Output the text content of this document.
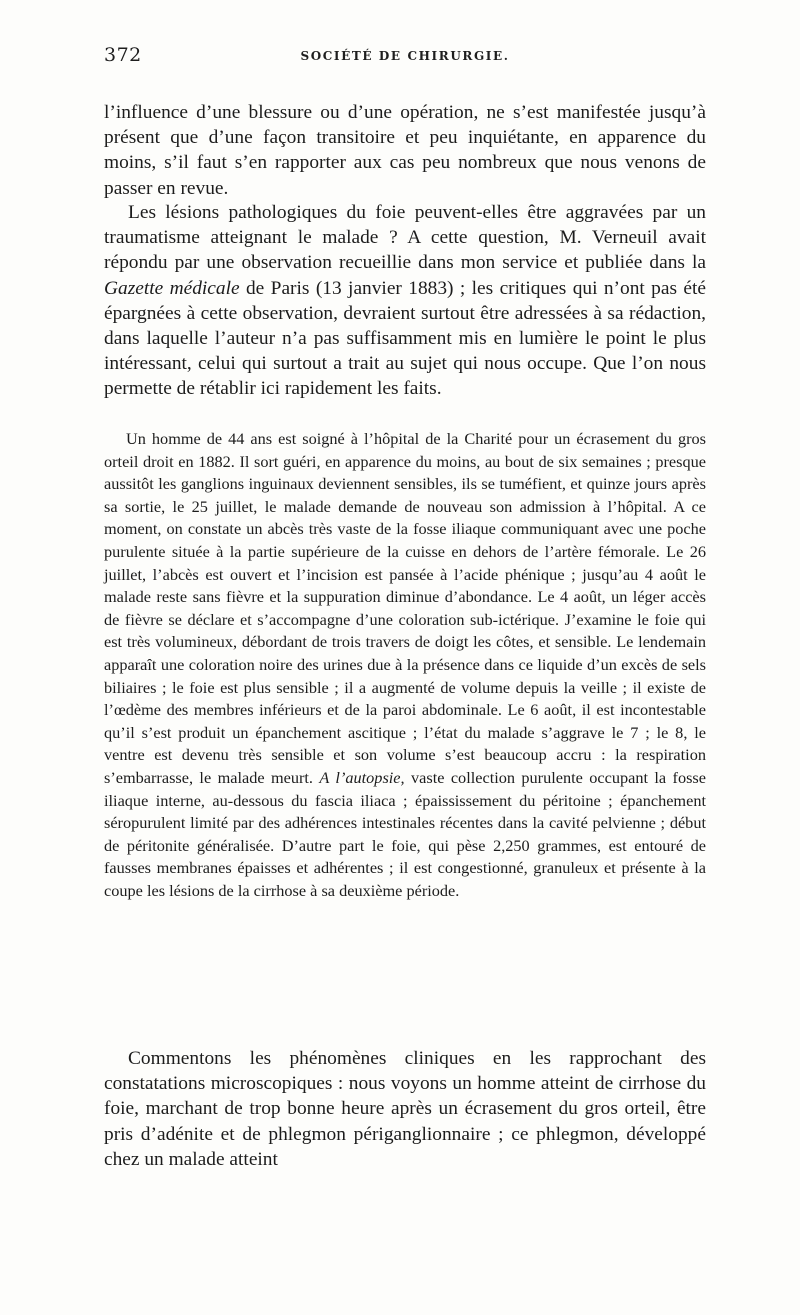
372	SOCIÉTÉ DE CHIRURGIE.

l’influence d’une blessure ou d’une opération, ne s’est manifestée jusqu’à présent que d’une façon transitoire et peu inquiétante, en apparence du moins, s’il faut s’en rapporter aux cas peu nombreux que nous venons de passer en revue.

Les lésions pathologiques du foie peuvent-elles être aggravées par un traumatisme atteignant le malade ? A cette question, M. Verneuil avait répondu par une observation recueillie dans mon service et publiée dans la Gazette médicale de Paris (13 janvier 1883) ; les critiques qui n’ont pas été épargnées à cette observation, devraient surtout être adressées à sa rédaction, dans laquelle l’auteur n’a pas suffisamment mis en lumière le point le plus intéressant, celui qui surtout a trait au sujet qui nous occupe. Que l’on nous permette de rétablir ici rapidement les faits.

Un homme de 44 ans est soigné à l’hôpital de la Charité pour un écrasement du gros orteil droit en 1882. Il sort guéri, en apparence du moins, au bout de six semaines ; presque aussitôt les ganglions inguinaux deviennent sensibles, ils se tuméfient, et quinze jours après sa sortie, le 25 juillet, le malade demande de nouveau son admission à l’hôpital. A ce moment, on constate un abcès très vaste de la fosse iliaque communiquant avec une poche purulente située à la partie supérieure de la cuisse en dehors de l’artère fémorale. Le 26 juillet, l’abcès est ouvert et l’incision est pansée à l’acide phénique ; jusqu’au 4 août le malade reste sans fièvre et la suppuration diminue d’abondance. Le 4 août, un léger accès de fièvre se déclare et s’accompagne d’une coloration sub-ictérique. J’examine le foie qui est très volumineux, débordant de trois travers de doigt les côtes, et sensible. Le lendemain apparaît une coloration noire des urines due à la présence dans ce liquide d’un excès de sels biliaires ; le foie est plus sensible ; il a augmenté de volume depuis la veille ; il existe de l’œdème des membres inférieurs et de la paroi abdominale. Le 6 août, il est incontestable qu’il s’est produit un épanchement ascitique ; l’état du malade s’aggrave le 7 ; le 8, le ventre est devenu très sensible et son volume s’est beaucoup accru : la respiration s’embarrasse, le malade meurt. A l’autopsie, vaste collection purulente occupant la fosse iliaque interne, au-dessous du fascia iliaca ; épaississement du péritoine ; épanchement séropurulent limité par des adhérences intestinales récentes dans la cavité pelvienne ; début de péritonite généralisée. D’autre part le foie, qui pèse 2,250 grammes, est entouré de fausses membranes épaisses et adhérentes ; il est congestionné, granuleux et présente à la coupe les lésions de la cirrhose à sa deuxième période.

Commentons les phénomènes cliniques en les rapprochant des constatations microscopiques : nous voyons un homme atteint de cirrhose du foie, marchant de trop bonne heure après un écrasement du gros orteil, être pris d’adénite et de phlegmon périganglionnaire ; ce phlegmon, développé chez un malade atteint
